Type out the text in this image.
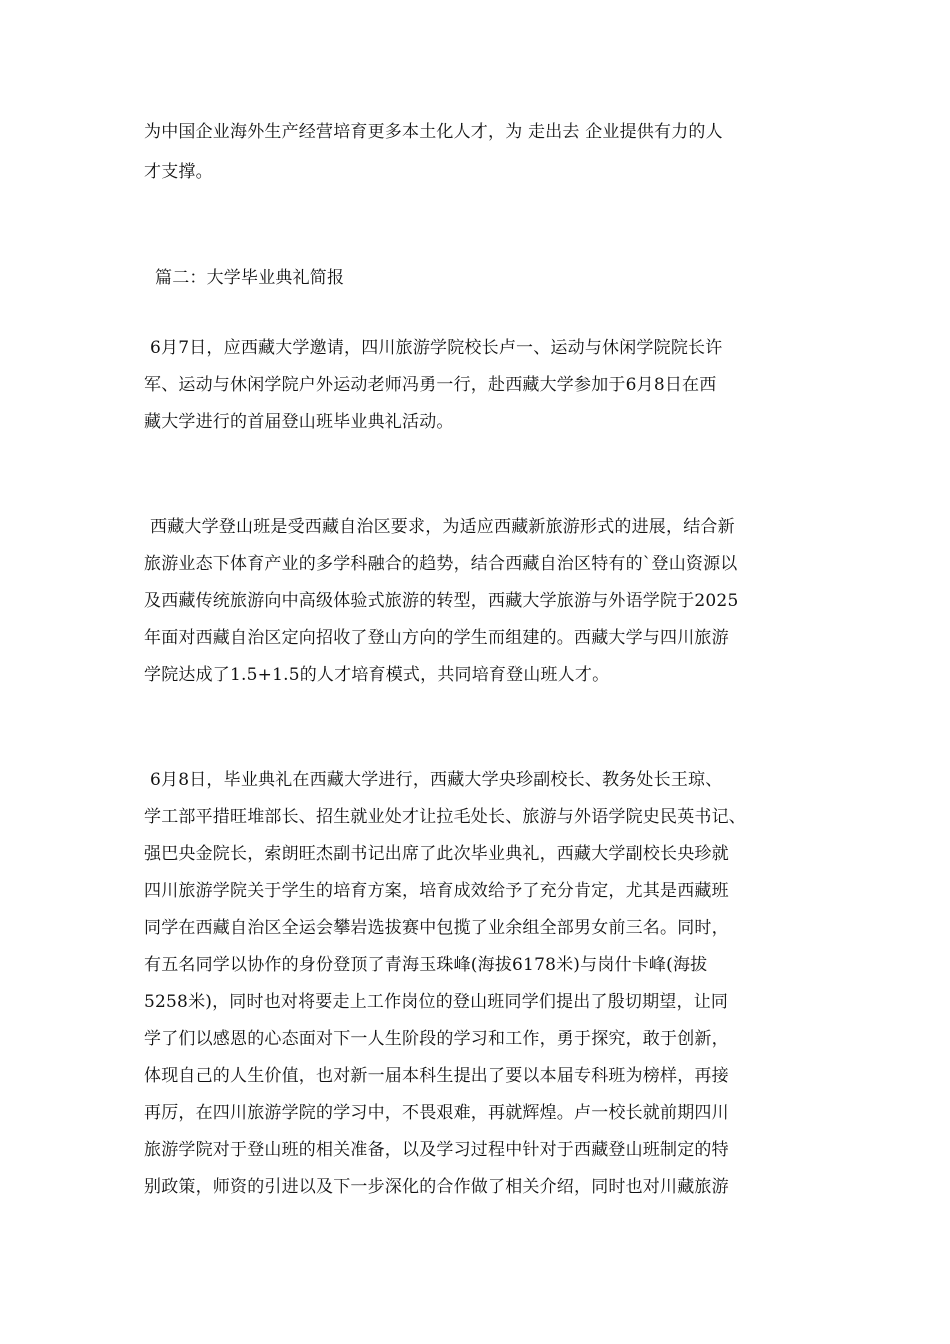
为中国企业海外生产经营培育更多本土化人才，为 走出去 企业提供有力的人
才支撑。
篇二：大学毕业典礼简报
6月7日，应西藏大学邀请，四川旅游学院校长卢一、运动与休闲学院院长许
军、运动与休闲学院户外运动老师冯勇一行，赴西藏大学参加于6月8日在西
藏大学进行的首届登山班毕业典礼活动。
西藏大学登山班是受西藏自治区要求，为适应西藏新旅游形式的进展，结合新
旅游业态下体育产业的多学科融合的趋势，结合西藏自治区特有的`登山资源以
及西藏传统旅游向中高级体验式旅游的转型，西藏大学旅游与外语学院于2025
年面对西藏自治区定向招收了登山方向的学生而组建的。西藏大学与四川旅游
学院达成了1.5+1.5的人才培育模式，共同培育登山班人才。
6月8日，毕业典礼在西藏大学进行，西藏大学央珍副校长、教务处长王琼、
学工部平措旺堆部长、招生就业处才让拉毛处长、旅游与外语学院史民英书记、
强巴央金院长，索朗旺杰副书记出席了此次毕业典礼，西藏大学副校长央珍就
四川旅游学院关于学生的培育方案，培育成效给予了充分肯定，尤其是西藏班
同学在西藏自治区全运会攀岩选拔赛中包揽了业余组全部男女前三名。同时，
有五名同学以协作的身份登顶了青海玉珠峰(海拔6178米)与岗什卡峰(海拔
5258米)，同时也对将要走上工作岗位的登山班同学们提出了殷切期望，让同
学了们以感恩的心态面对下一人生阶段的学习和工作，勇于探究，敢于创新，
体现自己的人生价值，也对新一届本科生提出了要以本届专科班为榜样，再接
再厉，在四川旅游学院的学习中，不畏艰难，再就辉煌。卢一校长就前期四川
旅游学院对于登山班的相关准备，以及学习过程中针对于西藏登山班制定的特
别政策，师资的引进以及下一步深化的合作做了相关介绍，同时也对川藏旅游
